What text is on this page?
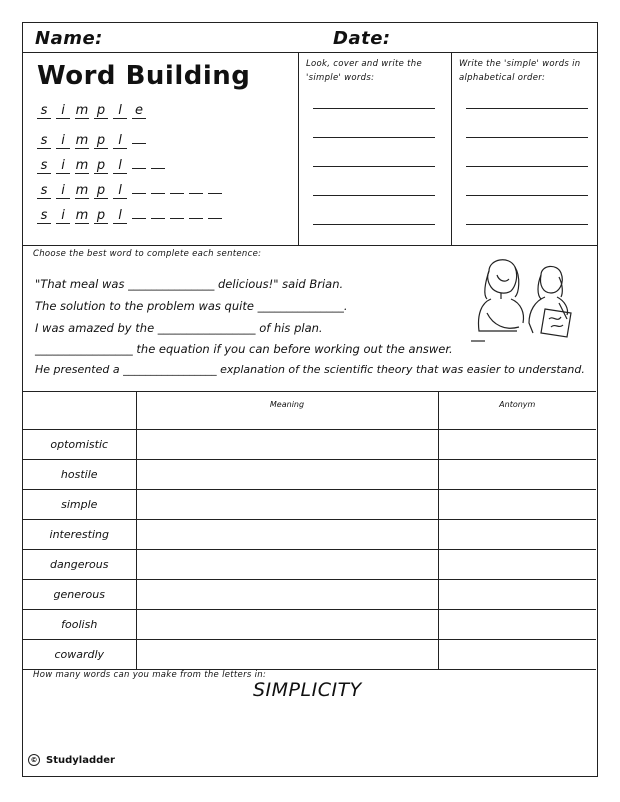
Name:	Date:
Word Building
s i m p l e
s i m p l
s i m p l
s i m p l
s i m p l
Look, cover and write the 'simple' words:
Write the 'simple' words in alphabetical order:
Choose the best word to complete each sentence:
"That meal was _______________ delicious!" said Brian.
The solution to the problem was quite _______________.
I was amazed by the _________________ of his plan.
_________________ the equation if you can before working out the answer.
He presented a _________________ explanation of the scientific theory that was easier to understand.
	Meaning	Antonym
optomistic		
hostile		
simple		
interesting		
dangerous		
generous		
foolish		
cowardly		
How many words can you make from the letters in:
SIMPLICITY
© Studyladder
